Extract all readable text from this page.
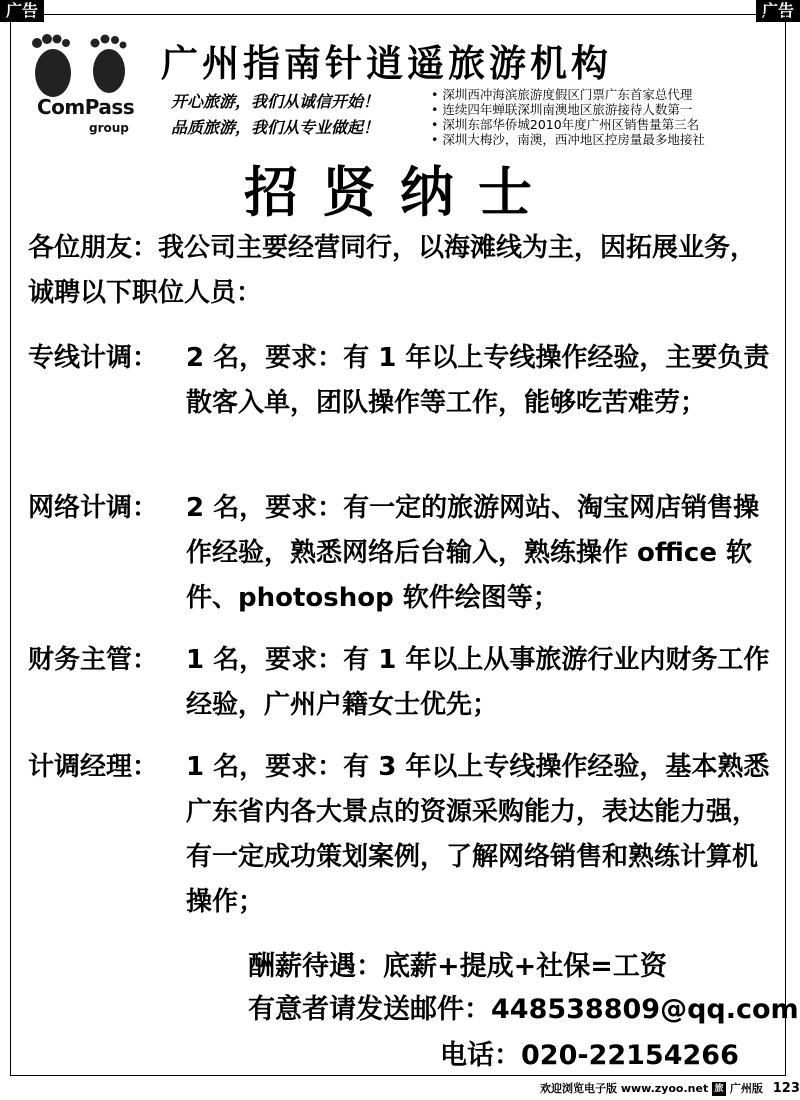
广告	广告
ComPass
group
广州指南针逍遥旅游机构
开心旅游，我们从诚信开始！
品质旅游，我们从专业做起！
• 深圳西冲海滨旅游度假区门票广东首家总代理
• 连续四年蝉联深圳南澳地区旅游接待人数第一
• 深圳东部华侨城2010年度广州区销售量第三名
• 深圳大梅沙，南澳，西冲地区控房量最多地接社
招贤纳士
各位朋友：我公司主要经营同行，以海滩线为主，因拓展业务，诚聘以下职位人员：
专线计调：	2 名，要求：有 1 年以上专线操作经验，主要负责散客入单，团队操作等工作，能够吃苦难劳；
网络计调：	2 名，要求：有一定的旅游网站、淘宝网店销售操作经验，熟悉网络后台输入，熟练操作 office 软件、photoshop 软件绘图等；
财务主管：	1 名，要求：有 1 年以上从事旅游行业内财务工作经验，广州户籍女士优先；
计调经理：	1 名，要求：有 3 年以上专线操作经验，基本熟悉广东省内各大景点的资源采购能力，表达能力强，有一定成功策划案例，了解网络销售和熟练计算机操作；
酬薪待遇：底薪+提成+社保=工资
有意者请发送邮件：448538809@qq.com
电话：020-22154266
欢迎浏览电子版 www.zyoo.net 旅 广州版 123
